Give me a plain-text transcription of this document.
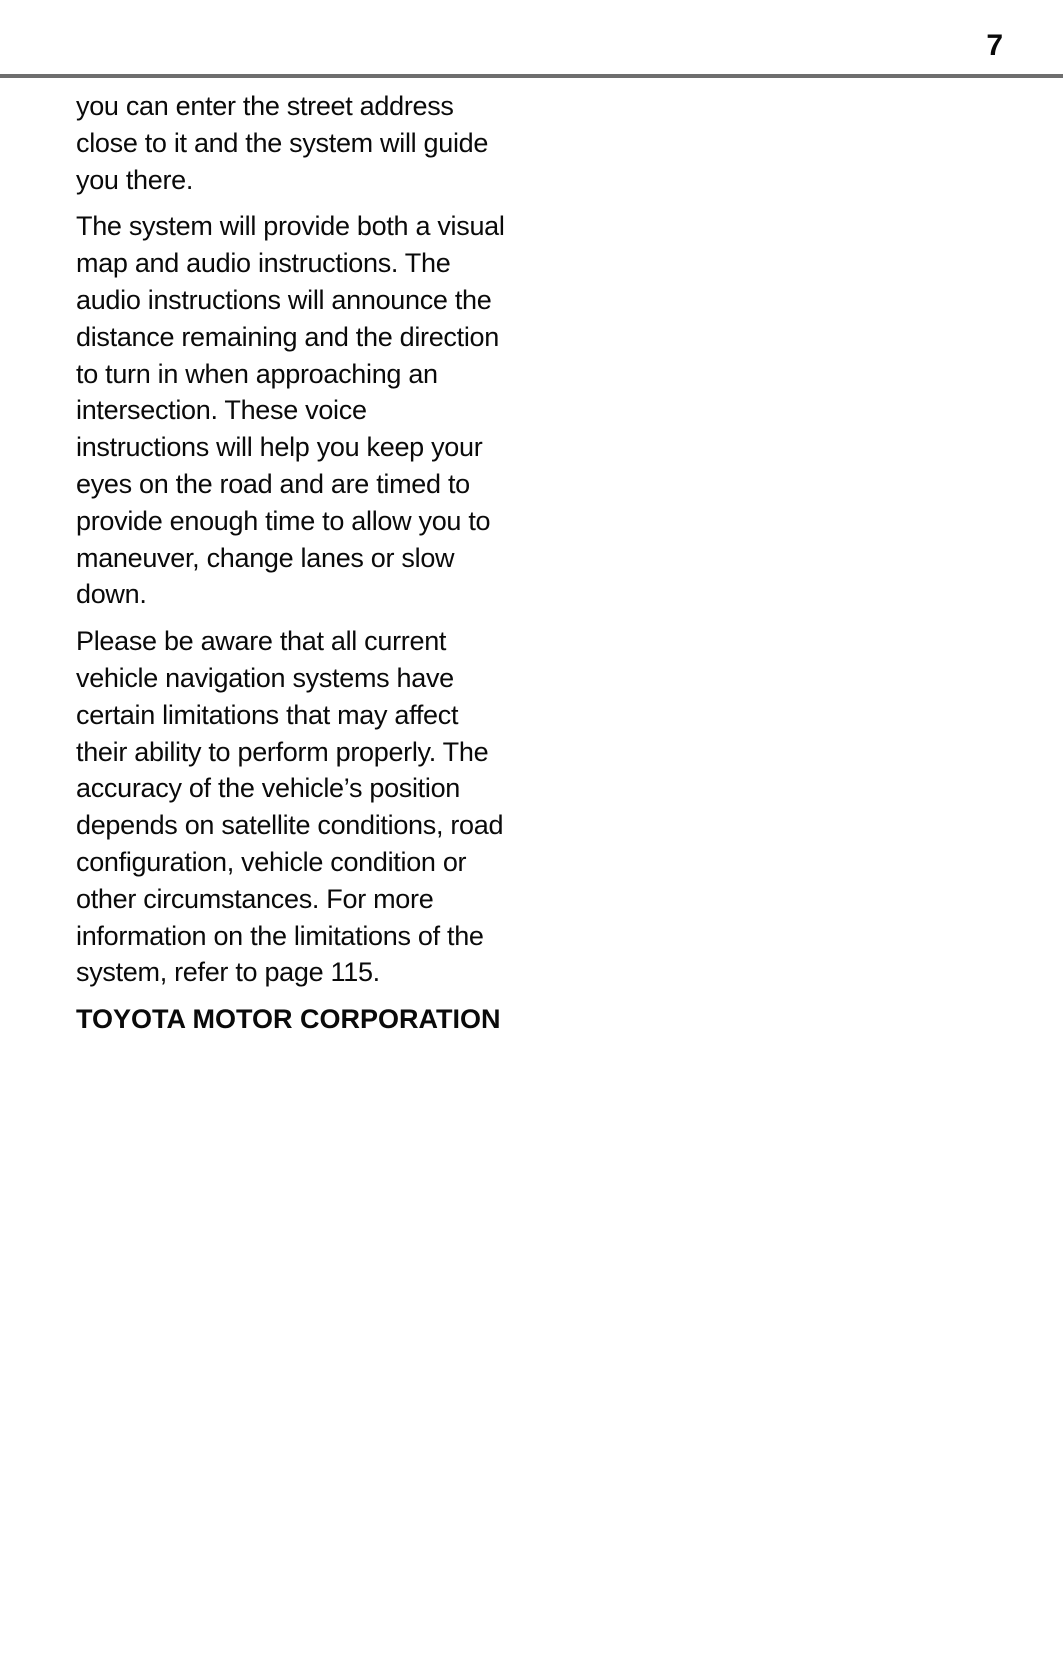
7

you can enter the street address close to it and the system will guide you there.

The system will provide both a visual map and audio instructions. The audio instructions will announce the distance remaining and the direction to turn in when approaching an intersection. These voice instructions will help you keep your eyes on the road and are timed to provide enough time to allow you to maneuver, change lanes or slow down.

Please be aware that all current vehicle navigation systems have certain limitations that may affect their ability to perform properly. The accuracy of the vehicle’s position depends on satellite conditions, road configuration, vehicle condition or other circumstances. For more information on the limitations of the system, refer to page 115.

TOYOTA MOTOR CORPORATION
